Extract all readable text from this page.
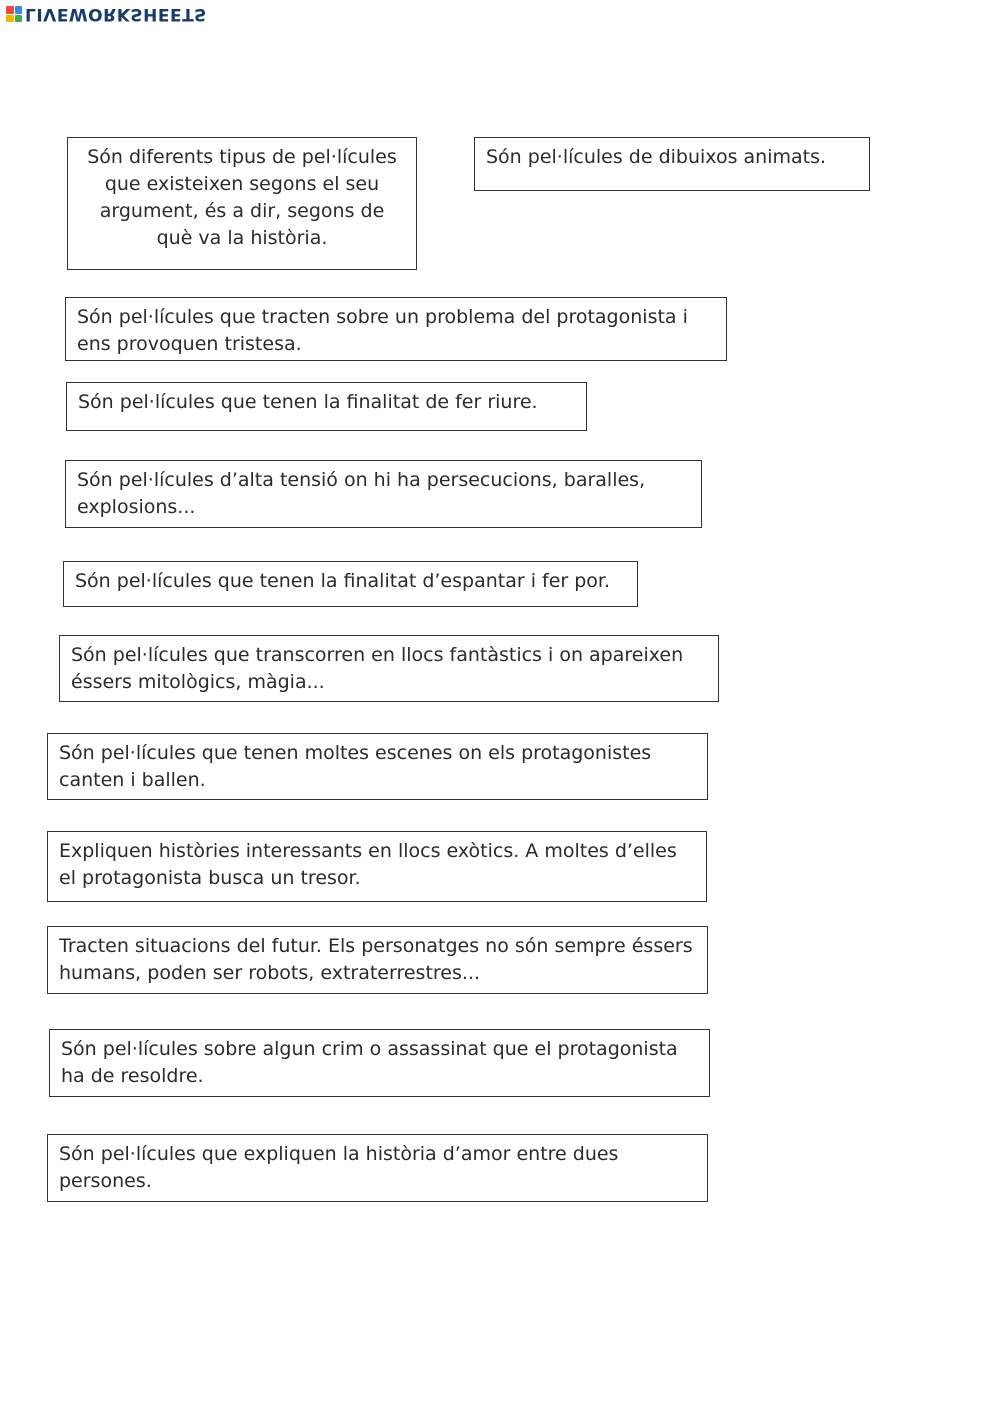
LIVEWORKSHEETS
Són diferents tipus de pel·lícules que existeixen segons el seu argument, és a dir, segons de què va la història.
Són pel·lícules de dibuixos animats.
Són pel·lícules que tracten sobre un problema del protagonista i ens provoquen tristesa.
Són pel·lícules que tenen la finalitat de fer riure.
Són pel·lícules d’alta tensió on hi ha persecucions, baralles, explosions...
Són pel·lícules que tenen la finalitat d’espantar i fer por.
Són pel·lícules que transcorren en llocs fantàstics i on apareixen éssers mitològics, màgia...
Són pel·lícules que tenen moltes escenes on els protagonistes canten i ballen.
Expliquen històries interessants en llocs exòtics. A moltes d’elles el protagonista busca un tresor.
Tracten situacions del futur. Els personatges no són sempre éssers humans, poden ser robots, extraterrestres...
Són pel·lícules sobre algun crim o assassinat que el protagonista ha de resoldre.
Són pel·lícules que expliquen la història d’amor entre dues persones.
